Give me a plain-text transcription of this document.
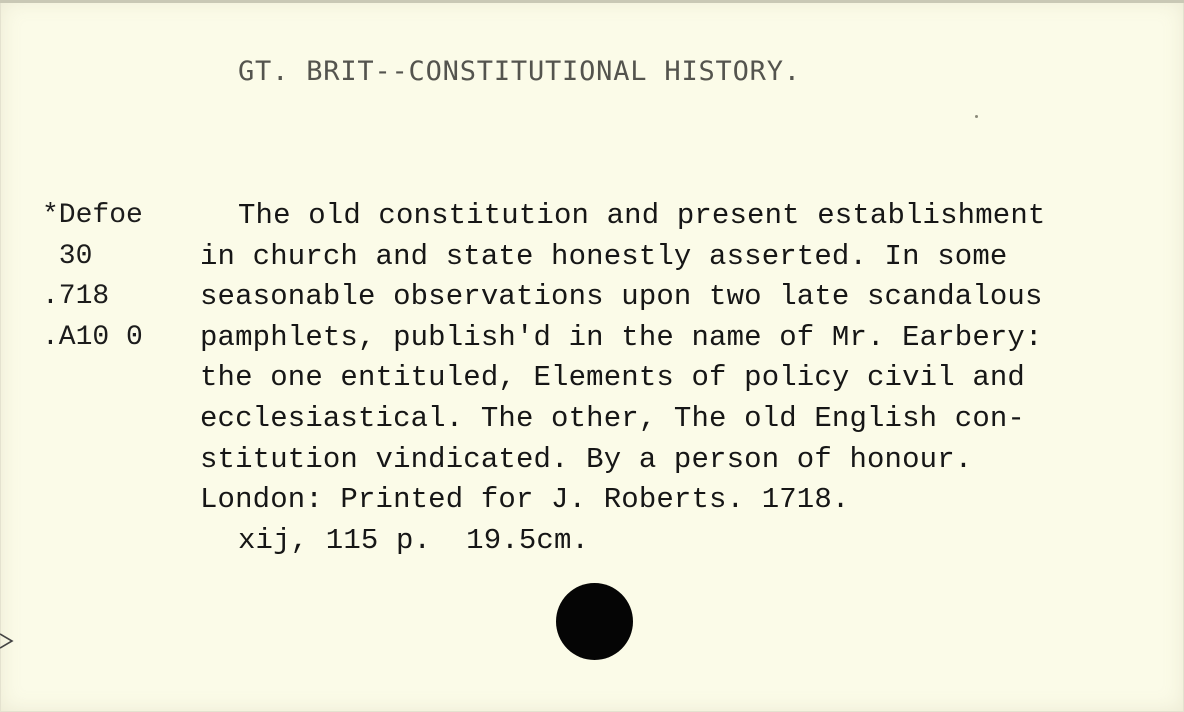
GT. BRIT--CONSTITUTIONAL HISTORY.
*Defoe
30
.718
.A10 0
The old constitution and present establishment
in church and state honestly asserted. In some
seasonable observations upon two late scandalous
pamphlets, publish'd in the name of Mr. Earbery:
the one entituled, Elements of policy civil and
ecclesiastical. The other, The old English con-
stitution vindicated. By a person of honour.
London: Printed for J. Roberts. 1718.
xij, 115 p.  19.5cm.
